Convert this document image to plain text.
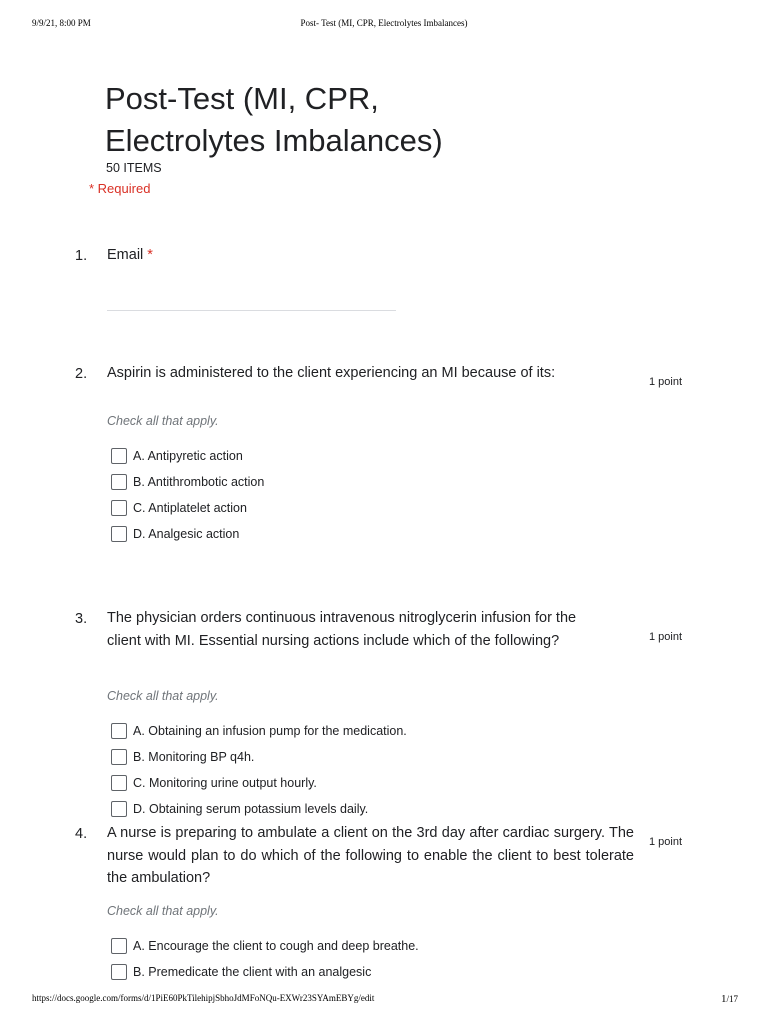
9/9/21, 8:00 PM	Post- Test (MI, CPR, Electrolytes Imbalances)
Post-Test (MI, CPR, Electrolytes Imbalances)
50 ITEMS
* Required
1. Email *
2. Aspirin is administered to the client experiencing an MI because of its:
1 point
Check all that apply.
A. Antipyretic action
B. Antithrombotic action
C. Antiplatelet action
D. Analgesic action
3. The physician orders continuous intravenous nitroglycerin infusion for the client with MI. Essential nursing actions include which of the following?	1 point
Check all that apply.
A. Obtaining an infusion pump for the medication.
B. Monitoring BP q4h.
C. Monitoring urine output hourly.
D. Obtaining serum potassium levels daily.
4. A nurse is preparing to ambulate a client on the 3rd day after cardiac surgery. The nurse would plan to do which of the following to enable the client to best tolerate the ambulation?
1 point
Check all that apply.
A. Encourage the client to cough and deep breathe.
B. Premedicate the client with an analgesic
https://docs.google.com/forms/d/1PiE60PkTilehipjSbhoJdMFoNQu-EXWr23SYAmEBYg/edit	1/17
